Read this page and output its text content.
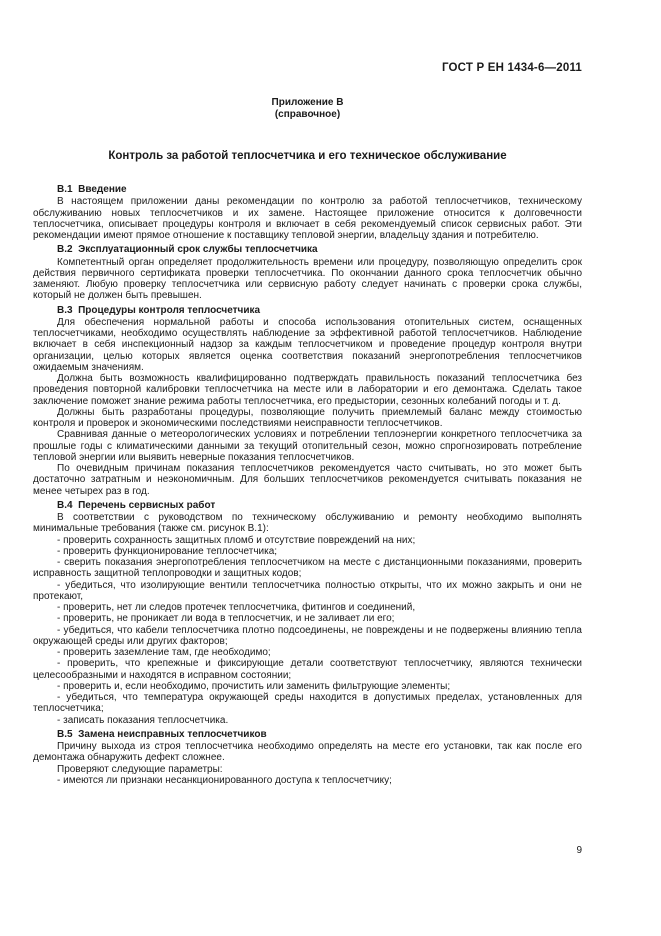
ГОСТ Р ЕН 1434-6—2011
Приложение В
(справочное)
Контроль за работой теплосчетчика и его техническое обслуживание
В.1  Введение

В настоящем приложении даны рекомендации по контролю за работой теплосчетчиков, техническому обслуживанию новых теплосчетчиков и их замене. Настоящее приложение относится к долговечности теплосчетчика, описывает процедуры контроля и включает в себя рекомендуемый список сервисных работ. Эти рекомендации имеют прямое отношение к поставщику тепловой энергии, владельцу здания и потребителю.

В.2  Эксплуатационный срок службы теплосчетчика

Компетентный орган определяет продолжительность времени или процедуру, позволяющую определить срок действия первичного сертификата проверки теплосчетчика. По окончании данного срока теплосчетчик обычно заменяют. Любую проверку теплосчетчика или сервисную работу следует начинать с проверки срока службы, который не должен быть превышен.

В.3  Процедуры контроля теплосчетчика

Для обеспечения нормальной работы и способа использования отопительных систем, оснащенных теплосчетчиками, необходимо осуществлять наблюдение за эффективной работой теплосчетчиков. Наблюдение включает в себя инспекционный надзор за каждым теплосчетчиком и проведение процедур контроля внутри организации, целью которых является оценка соответствия показаний энергопотребления теплосчетчиков ожидаемым значениям.

Должна быть возможность квалифицированно подтверждать правильность показаний теплосчетчика без проведения повторной калибровки теплосчетчика на месте или в лаборатории и его демонтажа. Сделать такое заключение поможет знание режима работы теплосчетчика, его предыстории, сезонных колебаний погоды и т. д.

Должны быть разработаны процедуры, позволяющие получить приемлемый баланс между стоимостью контроля и проверок и экономическими последствиями неисправности теплосчетчиков.

Сравнивая данные о метеорологических условиях и потреблении теплоэнергии конкретного теплосчетчика за прошлые годы с климатическими данными за текущий отопительный сезон, можно спрогнозировать потребление тепловой энергии или выявить неверные показания теплосчетчиков.

По очевидным причинам показания теплосчетчиков рекомендуется часто считывать, но это может быть достаточно затратным и неэкономичным. Для больших теплосчетчиков рекомендуется считывать показания не менее четырех раз в год.

В.4  Перечень сервисных работ

В соответствии с руководством по техническому обслуживанию и ремонту необходимо выполнять минимальные требования (также см. рисунок В.1):

- проверить сохранность защитных пломб и отсутствие повреждений на них;

- проверить функционирование теплосчетчика;

- сверить показания энергопотребления теплосчетчиком на месте с дистанционными показаниями, проверить исправность защитной теплопроводки и защитных кодов;

- убедиться, что изолирующие вентили теплосчетчика полностью открыты, что их можно закрыть и они не протекают,

- проверить, нет ли следов протечек теплосчетчика, фитингов и соединений,

- проверить, не проникает ли вода в теплосчетчик, и не заливает ли его;

- убедиться, что кабели теплосчетчика плотно подсоединены, не повреждены и не подвержены влиянию тепла окружающей среды или других факторов;

- проверить заземление там, где необходимо;

- проверить, что крепежные и фиксирующие детали соответствуют теплосчетчику, являются технически целесообразными и находятся в исправном состоянии;

- проверить и, если необходимо, прочистить или заменить фильтрующие элементы;

- убедиться, что температура окружающей среды находится в допустимых пределах, установленных для теплосчетчика;

- записать показания теплосчетчика.

В.5  Замена неисправных теплосчетчиков

Причину выхода из строя теплосчетчика необходимо определять на месте его установки, так как после его демонтажа обнаружить дефект сложнее.

Проверяют следующие параметры:

- имеются ли признаки несанкционированного доступа к теплосчетчику;

9
